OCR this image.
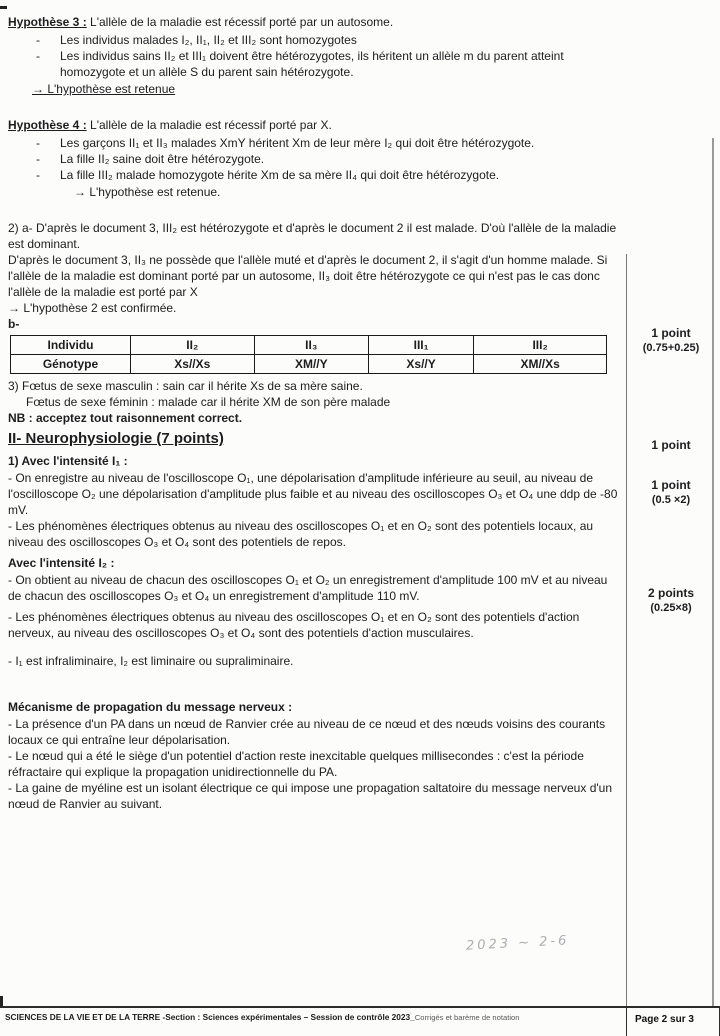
Hypothèse 3 : L'allèle de la maladie est récessif porté par un autosome.

-
Les individus malades I₂, II₁, II₂ et III₂ sont homozygotes
-
Les individus sains II₂ et III₁ doivent être hétérozygotes, ils héritent un allèle m du parent atteint homozygote et un allèle S du parent sain hétérozygote.

→ L'hypothèse est retenue

Hypothèse 4 : L'allèle de la maladie est récessif porté par X.

-
Les garçons II₁ et II₃ malades XmY héritent Xm de leur mère I₂ qui doit être hétérozygote.
-
La fille II₂ saine doit être hétérozygote.
-
La fille III₂ malade homozygote hérite Xm de sa mère II₄ qui doit être hétérozygote.

→ L'hypothèse est retenue.

2) a- D'après le document 3, III₂ est hétérozygote et d'après le document 2 il est malade. D'où l'allèle de la maladie est dominant.

D'après le document 3, II₃ ne possède que l'allèle muté et d'après le document 2, il s'agit d'un homme malade. Si l'allèle de la maladie est dominant porté par un autosome, II₃ doit être hétérozygote ce qui n'est pas le cas donc l'allèle de la maladie est porté par X

→ L'hypothèse 2 est confirmée.

b-

Individu	II₂	II₃	III₁	III₂
Génotype	Xs//Xs	XM//Y	Xs//Y	XM//Xs

3) Fœtus de sexe masculin : sain car il hérite Xs de sa mère saine.

Fœtus de sexe féminin : malade car il hérite XM de son père malade

NB : acceptez tout raisonnement correct.

II- Neurophysiologie (7 points)

1) Avec l'intensité I₁ :

- On enregistre au niveau de l'oscilloscope O₁, une dépolarisation d'amplitude inférieure au seuil, au niveau de l'oscilloscope O₂ une dépolarisation d'amplitude plus faible et au niveau des oscilloscopes O₃ et O₄ une ddp de -80 mV.

- Les phénomènes électriques obtenus au niveau des oscilloscopes O₁ et en O₂ sont des potentiels locaux, au niveau des oscilloscopes O₃ et O₄ sont des potentiels de repos.

Avec l'intensité I₂ :

- On obtient au niveau de chacun des oscilloscopes O₁ et O₂ un enregistrement d'amplitude 100 mV et au niveau de chacun des oscilloscopes O₃ et O₄ un enregistrement d'amplitude 110 mV.

- Les phénomènes électriques obtenus au niveau des oscilloscopes O₁ et en O₂ sont des potentiels d'action nerveux, au niveau des oscilloscopes O₃ et O₄ sont des potentiels d'action musculaires.

- I₁ est infraliminaire, I₂ est liminaire ou supraliminaire.

Mécanisme de propagation du message nerveux :

- La présence d'un PA dans un nœud de Ranvier crée au niveau de ce nœud et des nœuds voisins des courants locaux ce qui entraîne leur dépolarisation.

- Le nœud qui a été le siège d'un potentiel d'action reste inexcitable quelques millisecondes : c'est la période réfractaire qui explique la propagation unidirectionnelle du PA.

- La gaine de myéline est un isolant électrique ce qui impose une propagation saltatoire du message nerveux d'un nœud de Ranvier au suivant.

1 point
(0.75+0.25)
1 point
1 point
(0.5 ×2)
2 points
(0.25×8)
2023 ~ 2-6
SCIENCES DE LA VIE ET DE LA TERRE -Section : Sciences expérimentales – Session de contrôle 2023_Corrigés et barème de notation	Page 2 sur 3
